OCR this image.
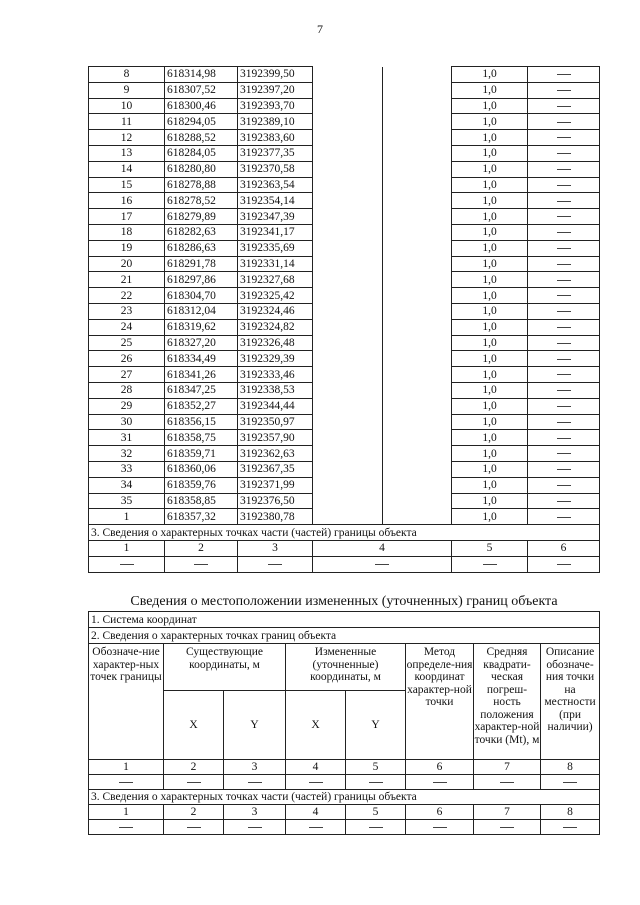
7
8	618314,98	3192399,50			1,0	
9	618307,52	3192397,20			1,0	
10	618300,46	3192393,70			1,0	
11	618294,05	3192389,10			1,0	
12	618288,52	3192383,60			1,0	
13	618284,05	3192377,35			1,0	
14	618280,80	3192370,58			1,0	
15	618278,88	3192363,54			1,0	
16	618278,52	3192354,14			1,0	
17	618279,89	3192347,39			1,0	
18	618282,63	3192341,17			1,0	
19	618286,63	3192335,69			1,0	
20	618291,78	3192331,14			1,0	
21	618297,86	3192327,68			1,0	
22	618304,70	3192325,42			1,0	
23	618312,04	3192324,46			1,0	
24	618319,62	3192324,82			1,0	
25	618327,20	3192326,48			1,0	
26	618334,49	3192329,39			1,0	
27	618341,26	3192333,46			1,0	
28	618347,25	3192338,53			1,0	
29	618352,27	3192344,44			1,0	
30	618356,15	3192350,97			1,0	
31	618358,75	3192357,90			1,0	
32	618359,71	3192362,63			1,0	
33	618360,06	3192367,35			1,0	
34	618359,76	3192371,99			1,0	
35	618358,85	3192376,50			1,0	
1	618357,32	3192380,78			1,0	
3. Сведения о характерных точках части (частей) границы объекта						
1	2	3	4		5	6

Сведения о местоположении измененных (уточненных) границ объекта
1. Система координат							
2. Сведения о характерных точках границ объекта							
Обозначе-ние характер-ных точек границы	Существующие координаты, м		Измененные (уточненные) координаты, м		Метод определе-ния координат характер-ной точки	Средняя квадрати-ческая погреш-ность положения характер-ной точки (Mt), м	Описание обозначе-ния точки на местности (при наличии)
	X	Y	X	Y			
1	2	3	4	5	6	7	8

3. Сведения о характерных точках части (частей) границы объекта							
1	2	3	4	5	6	7	8
